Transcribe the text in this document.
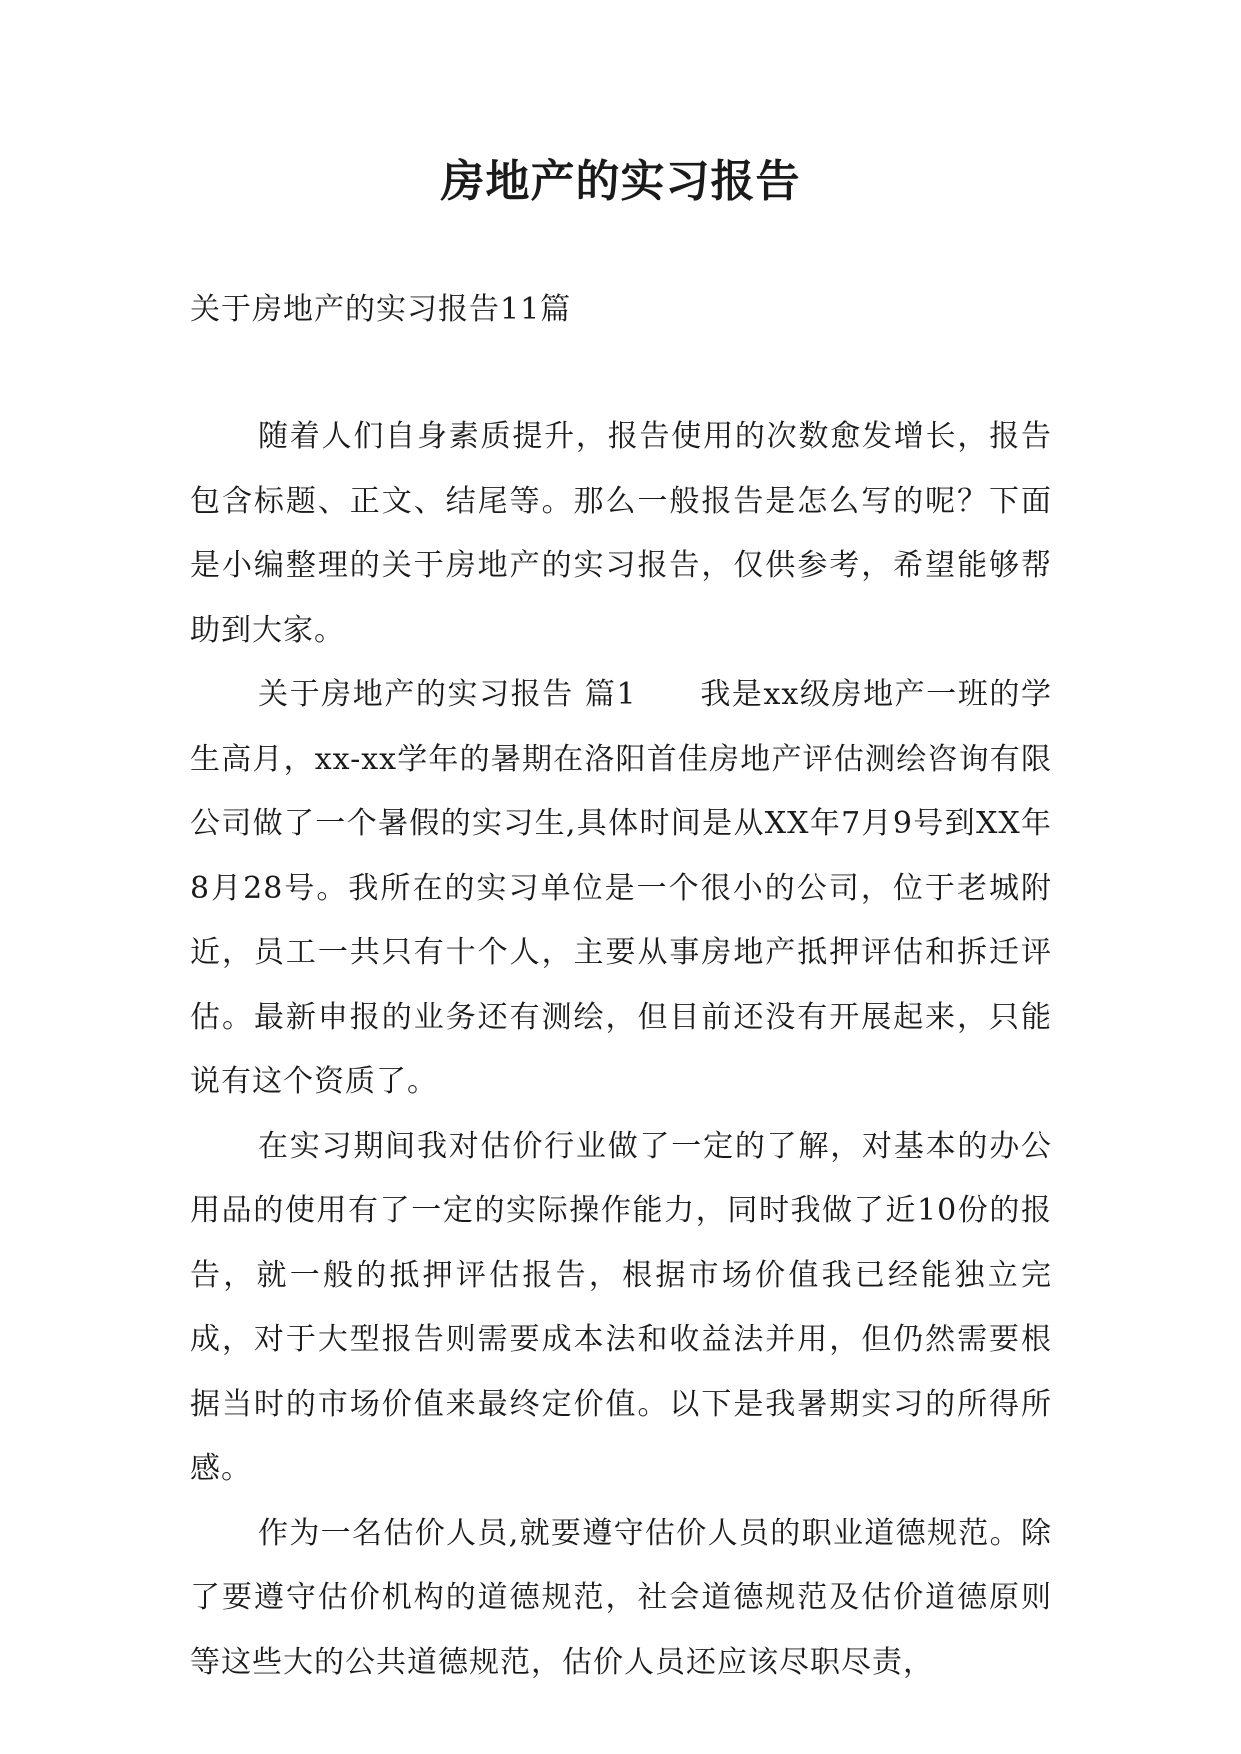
房地产的实习报告
关于房地产的实习报告11篇

随着人们自身素质提升，报告使用的次数愈发增长，报告包含标题、正文、结尾等。那么一般报告是怎么写的呢？下面是小编整理的关于房地产的实习报告，仅供参考，希望能够帮助到大家。

关于房地产的实习报告 篇1　　我是xx级房地产一班的学生高月，xx-xx学年的暑期在洛阳首佳房地产评估测绘咨询有限公司做了一个暑假的实习生,具体时间是从XX年7月9号到XX年8月28号。我所在的实习单位是一个很小的公司，位于老城附近，员工一共只有十个人，主要从事房地产抵押评估和拆迁评估。最新申报的业务还有测绘，但目前还没有开展起来，只能说有这个资质了。

在实习期间我对估价行业做了一定的了解，对基本的办公用品的使用有了一定的实际操作能力，同时我做了近10份的报告，就一般的抵押评估报告，根据市场价值我已经能独立完成，对于大型报告则需要成本法和收益法并用，但仍然需要根据当时的市场价值来最终定价值。以下是我暑期实习的所得所感。

作为一名估价人员,就要遵守估价人员的职业道德规范。除了要遵守估价机构的道德规范，社会道德规范及估价道德原则等这些大的公共道德规范，估价人员还应该尽职尽责，
